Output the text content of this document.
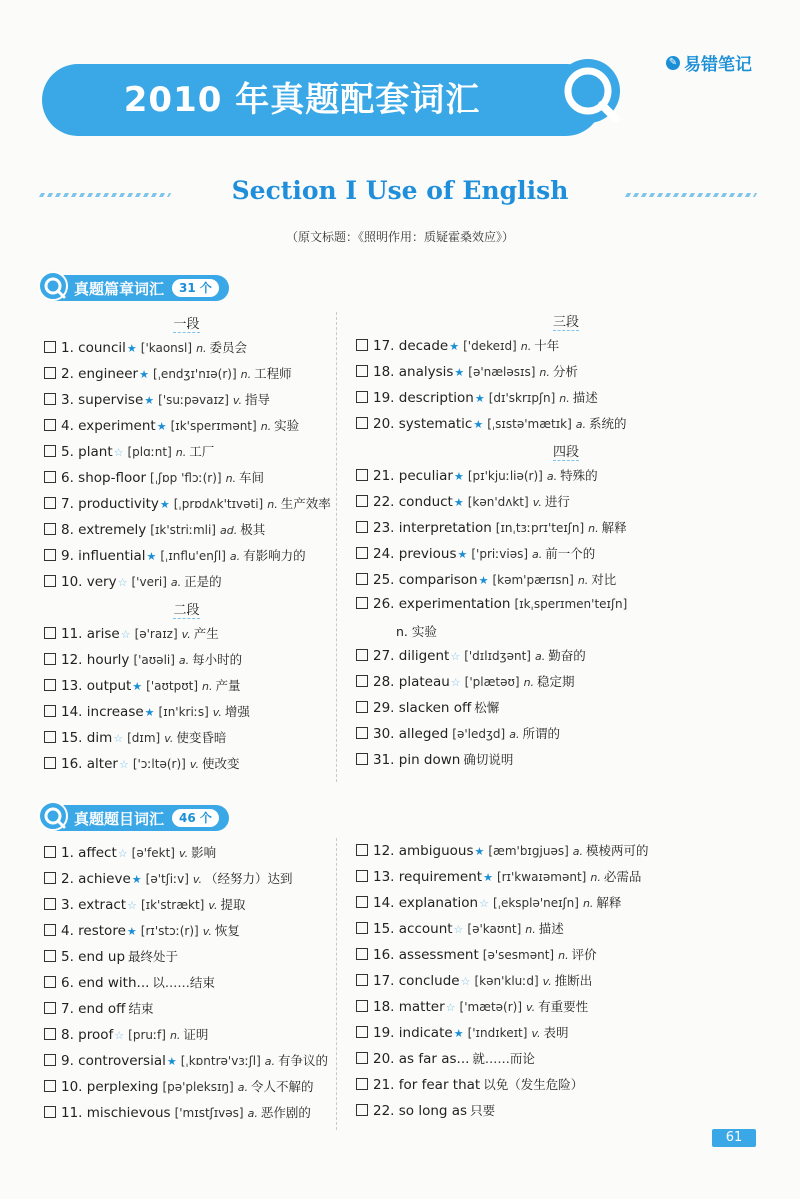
2010 年真题配套词汇
✎ 易错笔记
Section Ⅰ Use of English
（原文标题：《照明作用：质疑霍桑效应》）
真题篇章词汇	31 个
一段
1. council ★ ['kaonsl] n. 委员会
2. engineer ★ [ˌendʒɪ'nɪə(r)] n. 工程师
3. supervise ★ ['suːpəvaɪz] v. 指导
4. experiment ★ [ɪk'sperɪmənt] n. 实验
5. plant ☆ [plɑːnt] n. 工厂
6. shop-floor [ˌʃɒp 'flɔː(r)] n. 车间
7. productivity ★ [ˌprɒdʌk'tɪvəti] n. 生产效率
8. extremely [ɪk'striːmli] ad. 极其
9. influential ★ [ˌɪnflu'enʃl] a. 有影响力的
10. very ☆ ['veri] a. 正是的
二段
11. arise ☆ [ə'raɪz] v. 产生
12. hourly ['aʊəli] a. 每小时的
13. output ★ ['aʊtpʊt] n. 产量
14. increase ★ [ɪn'kriːs] v. 增强
15. dim ☆ [dɪm] v. 使变昏暗
16. alter ☆ ['ɔːltə(r)] v. 使改变
三段
17. decade ★ ['dekeɪd] n. 十年
18. analysis ★ [ə'næləsɪs] n. 分析
19. description ★ [dɪ'skrɪpʃn] n. 描述
20. systematic ★ [ˌsɪstə'mætɪk] a. 系统的
四段
21. peculiar ★ [pɪ'kjuːliə(r)] a. 特殊的
22. conduct ★ [kən'dʌkt] v. 进行
23. interpretation [ɪnˌtɜːprɪ'teɪʃn] n. 解释
24. previous ★ ['priːviəs] a. 前一个的
25. comparison ★ [kəm'pærɪsn] n. 对比
26. experimentation [ɪkˌsperɪmen'teɪʃn]
n. 实验
27. diligent ☆ ['dɪlɪdʒənt] a. 勤奋的
28. plateau ☆ ['plætəʊ] n. 稳定期
29. slacken off 松懈
30. alleged [ə'ledʒd] a. 所谓的
31. pin down 确切说明
真题题目词汇	46 个
1. affect ☆ [ə'fekt] v. 影响
2. achieve ★ [ə'tʃiːv] v. （经努力）达到
3. extract ☆ [ɪk'strækt] v. 提取
4. restore ★ [rɪ'stɔː(r)] v. 恢复
5. end up 最终处于
6. end with... 以……结束
7. end off 结束
8. proof ☆ [pruːf] n. 证明
9. controversial ★ [ˌkɒntrə'vɜːʃl] a. 有争议的
10. perplexing [pə'pleksɪŋ] a. 令人不解的
11. mischievous ['mɪstʃɪvəs] a. 恶作剧的
12. ambiguous ★ [æm'bɪgjuəs] a. 模棱两可的
13. requirement ★ [rɪ'kwaɪəmənt] n. 必需品
14. explanation ☆ [ˌeksplə'neɪʃn] n. 解释
15. account ☆ [ə'kaʊnt] n. 描述
16. assessment [ə'sesmənt] n. 评价
17. conclude ☆ [kən'kluːd] v. 推断出
18. matter ☆ ['mætə(r)] v. 有重要性
19. indicate ★ ['ɪndɪkeɪt] v. 表明
20. as far as... 就……而论
21. for fear that 以免（发生危险）
22. so long as 只要
61
